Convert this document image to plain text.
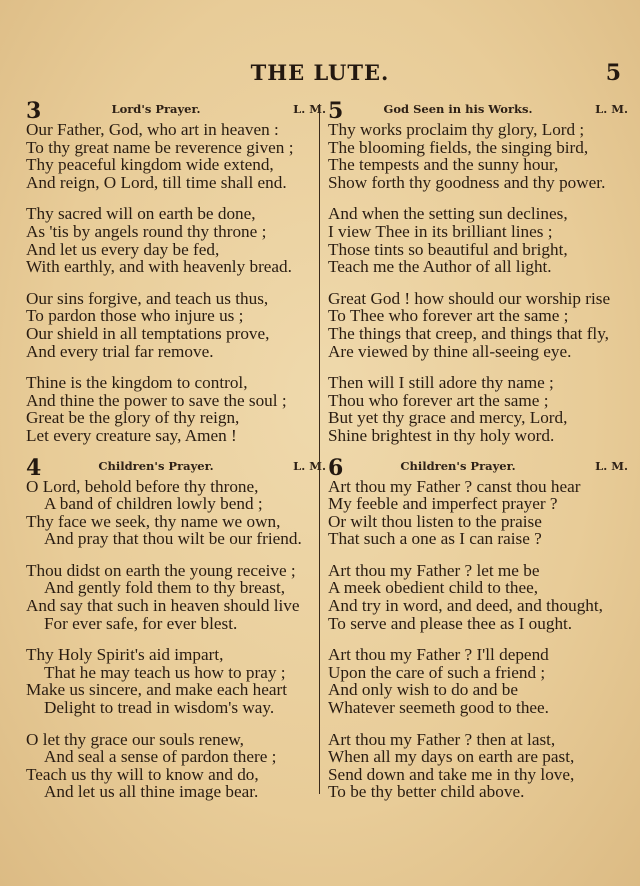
THE LUTE.	5
3	Lord's Prayer.	L. M.
Our Father, God, who art in heaven :
To thy great name be reverence given ;
Thy peaceful kingdom wide extend,
And reign, O Lord, till time shall end.
Thy sacred will on earth be done,
As 'tis by angels round thy throne ;
And let us every day be fed,
With earthly, and with heavenly bread.
Our sins forgive, and teach us thus,
To pardon those who injure us ;
Our shield in all temptations prove,
And every trial far remove.
Thine is the kingdom to control,
And thine the power to save the soul ;
Great be the glory of thy reign,
Let every creature say, Amen !
4	Children's Prayer.	L. M.
O Lord, behold before thy throne,
A band of children lowly bend ;
Thy face we seek, thy name we own,
And pray that thou wilt be our friend.
Thou didst on earth the young receive ;
And gently fold them to thy breast,
And say that such in heaven should live
For ever safe, for ever blest.
Thy Holy Spirit's aid impart,
That he may teach us how to pray ;
Make us sincere, and make each heart
Delight to tread in wisdom's way.
O let thy grace our souls renew,
And seal a sense of pardon there ;
Teach us thy will to know and do,
And let us all thine image bear.
5	God Seen in his Works.	L. M.
Thy works proclaim thy glory, Lord ;
The blooming fields, the singing bird,
The tempests and the sunny hour,
Show forth thy goodness and thy power.
And when the setting sun declines,
I view Thee in its brilliant lines ;
Those tints so beautiful and bright,
Teach me the Author of all light.
Great God ! how should our worship rise
To Thee who forever art the same ;
The things that creep, and things that fly,
Are viewed by thine all-seeing eye.
Then will I still adore thy name ;
Thou who forever art the same ;
But yet thy grace and mercy, Lord,
Shine brightest in thy holy word.
6	Children's Prayer.	L. M.
Art thou my Father ? canst thou hear
My feeble and imperfect prayer ?
Or wilt thou listen to the praise
That such a one as I can raise ?
Art thou my Father ? let me be
A meek obedient child to thee,
And try in word, and deed, and thought,
To serve and please thee as I ought.
Art thou my Father ? I'll depend
Upon the care of such a friend ;
And only wish to do and be
Whatever seemeth good to thee.
Art thou my Father ? then at last,
When all my days on earth are past,
Send down and take me in thy love,
To be thy better child above.
